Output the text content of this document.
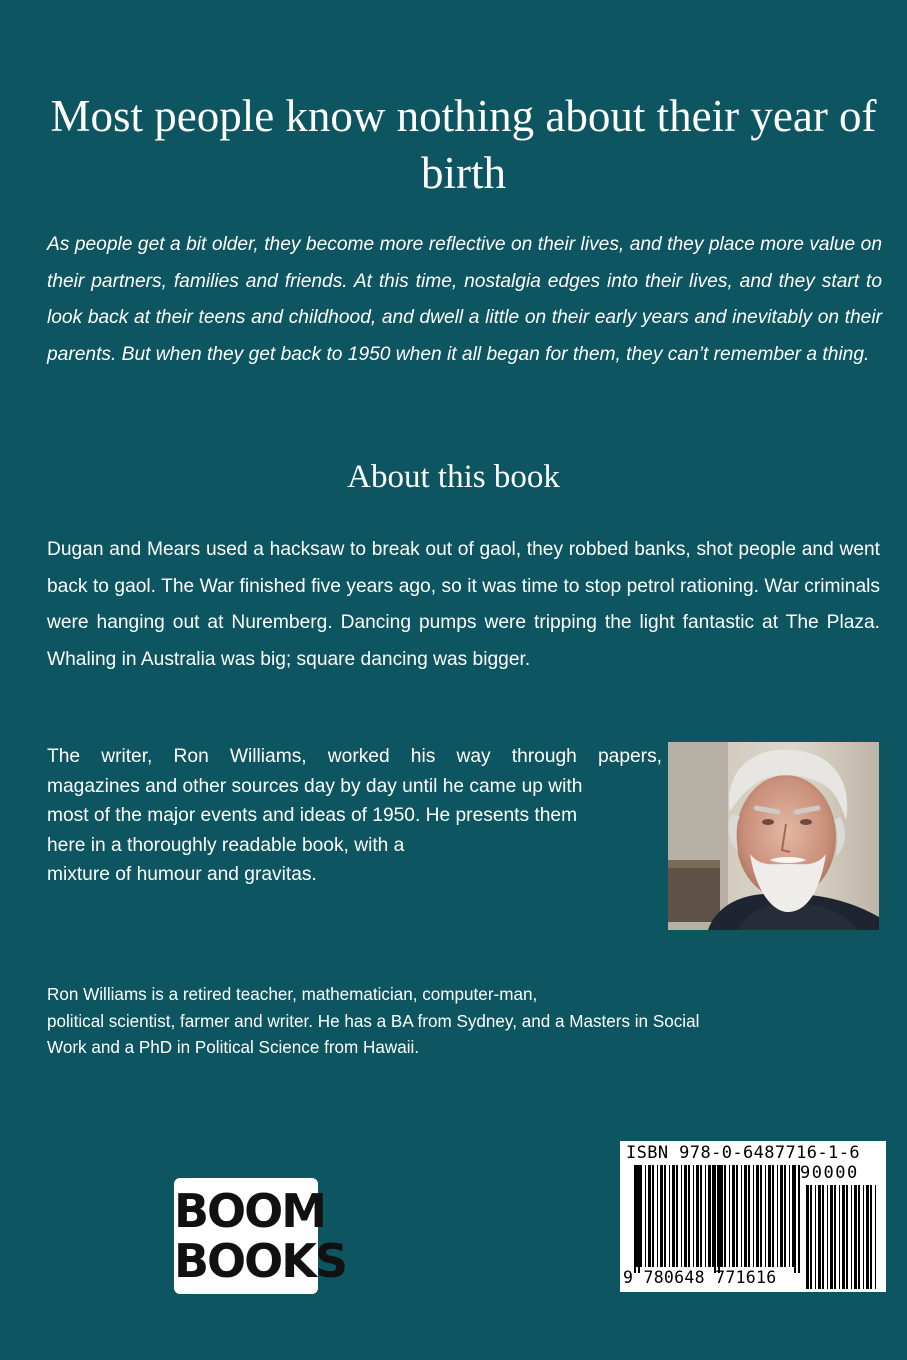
Most people know nothing about their year of birth

As people get a bit older, they become more reflective on their lives, and they place more value on their partners, families and friends. At this time, nostalgia edges into their lives, and they start to look back at their teens and childhood, and dwell a little on their early years and inevitably on their parents. But when they get back to 1950 when it all began for them, they can’t remember a thing.

About this book

Dugan and Mears used a hacksaw to break out of gaol, they robbed banks, shot people and went back to gaol. The War finished five years ago, so it was time to stop petrol rationing. War criminals were hanging out at Nuremberg. Dancing pumps were tripping the light fantastic at The Plaza. Whaling in Australia was big; square dancing was bigger.

The writer, Ron Williams, worked his way through papers,
magazines and other sources day by day until he came up with
most of the major events and ideas of 1950. He presents them
here in a thoroughly readable book, with a
mixture of humour and gravitas.
Ron Williams is a retired teacher, mathematician, computer-man,
political scientist, farmer and writer. He has a BA from Sydney, and a Masters in Social
Work and a PhD in Political Science from Hawaii.
BOOM
BOOKS
ISBN 978-0-6487716-1-6
90000
9 780648 771616
